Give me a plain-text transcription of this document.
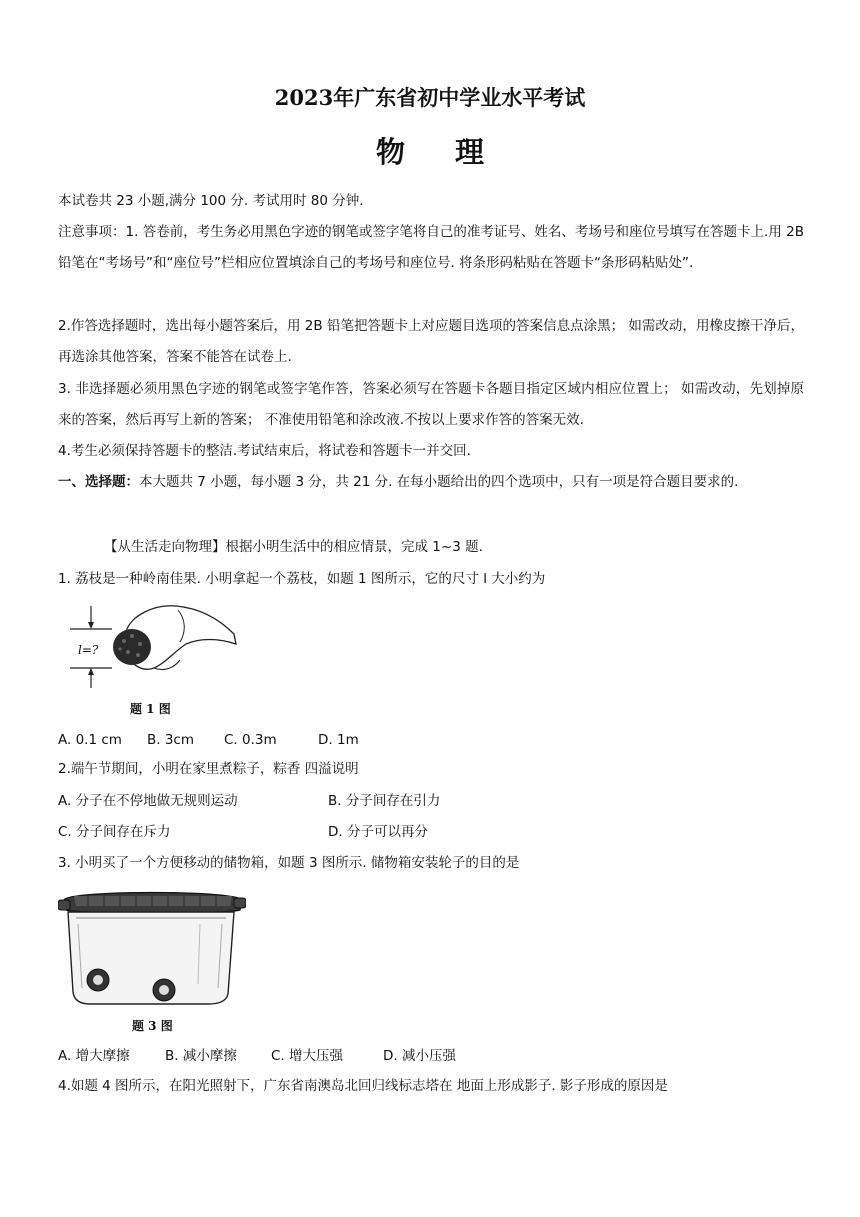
2023年广东省初中学业水平考试
物 理

本试卷共 23 小题,满分 100 分. 考试用时 80 分钟.

注意事项：1. 答卷前，考生务必用黑色字迹的钢笔或签字笔将自己的准考证号、姓名、考场号和座位号填写在答题卡上.用 2B 铅笔在“考场号”和“座位号”栏相应位置填涂自己的考场号和座位号. 将条形码粘贴在答题卡“条形码粘贴处”.

2.作答选择题时，选出每小题答案后，用 2B 铅笔把答题卡上对应题目选项的答案信息点涂黑； 如需改动，用橡皮擦干净后，再选涂其他答案，答案不能答在试卷上.

3. 非选择题必须用黑色字迹的钢笔或签字笔作答，答案必须写在答题卡各题目指定区域内相应位置上； 如需改动，先划掉原来的答案，然后再写上新的答案； 不准使用铅笔和涂改液.不按以上要求作答的答案无效.

4.考生必须保持答题卡的整洁.考试结束后，将试卷和答题卡一并交回.

一、选择题：本大题共 7 小题，每小题 3 分，共 21 分. 在每小题给出的四个选项中，只有一项是符合题目要求的.

【从生活走向物理】根据小明生活中的相应情景，完成 1~3 题.

1. 荔枝是一种岭南佳果. 小明拿起一个荔枝，如题 1 图所示，它的尺寸 l 大小约为

l=?
题 1 图
A. 0.1 cm B. 3cm C. 0.3m	D. 1m

2.端午节期间，小明在家里煮粽子，粽香 四溢说明

A. 分子在不停地做无规则运动	B. 分子间存在引力
C. 分子间存在斥力	D. 分子可以再分

3. 小明买了一个方便移动的储物箱，如题 3 图所示. 储物箱安装轮子的目的是

题 3 图
A. 增大摩擦	B. 减小摩擦	C. 增大压强	D. 减小压强

4.如题 4 图所示，在阳光照射下，广东省南澳岛北回归线标志塔在 地面上形成影子. 影子形成的原因是
